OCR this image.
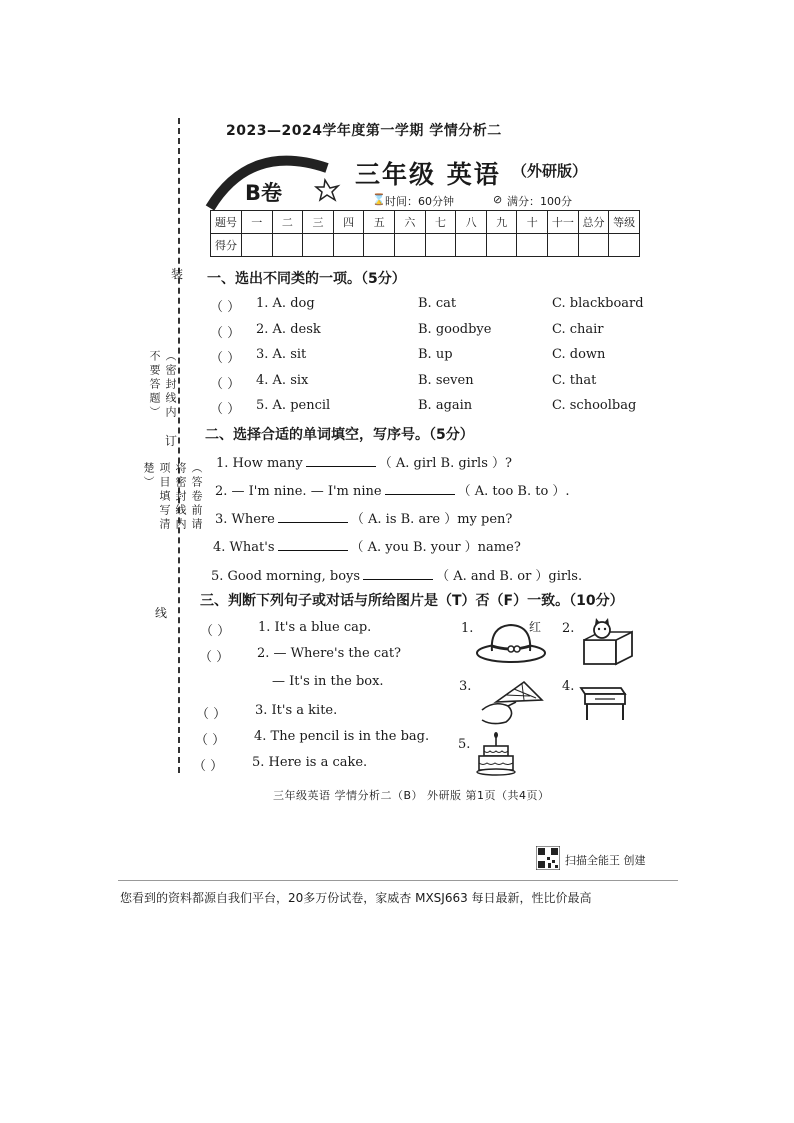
装
订
线
（密封线内不要答题）
（答卷前请将密封线内项目填写清楚）
2023—2024学年度第一学期 学情分析二
B卷
三年级 英语 （外研版）
⌛ 时间：60分钟	⊘ 满分：100分
题号	一	二	三	四	五	六	七	八	九	十	十一	总分	等级
得分													
一、选出不同类的一项。（5分）
（ ） 1. A. dog	B. cat	C. blackboard
（ ） 2. A. desk	B. goodbye	C. chair
（ ） 3. A. sit	B. up	C. down
（ ） 4. A. six	B. seven	C. that
（ ） 5. A. pencil	B. again	C. schoolbag
二、选择合适的单词填空，写序号。（5分）
1. How many	（ A. girl B. girls ）?
2. — I'm nine. — I'm nine	（ A. too B. to ）.
3. Where	（ A. is B. are ）my pen?
4. What's	（ A. you B. your ）name?
5. Good morning, boys	（ A. and B. or ）girls.
三、判断下列句子或对话与所给图片是（T）否（F）一致。（10分）
（ ） 1. It's a blue cap.
（ ） 2. — Where's the cat?
— It's in the box.
（ ） 3. It's a kite.
（ ） 4. The pencil is in the bag.
（ ） 5. Here is a cake.
1.	红 2.
3.	4.
5.
三年级英语 学情分析二（B） 外研版 第1页（共4页）
扫描全能王 创建
您看到的资料都源自我们平台，20多万份试卷，家威杏 MXSJ663 每日最新，性比价最高
